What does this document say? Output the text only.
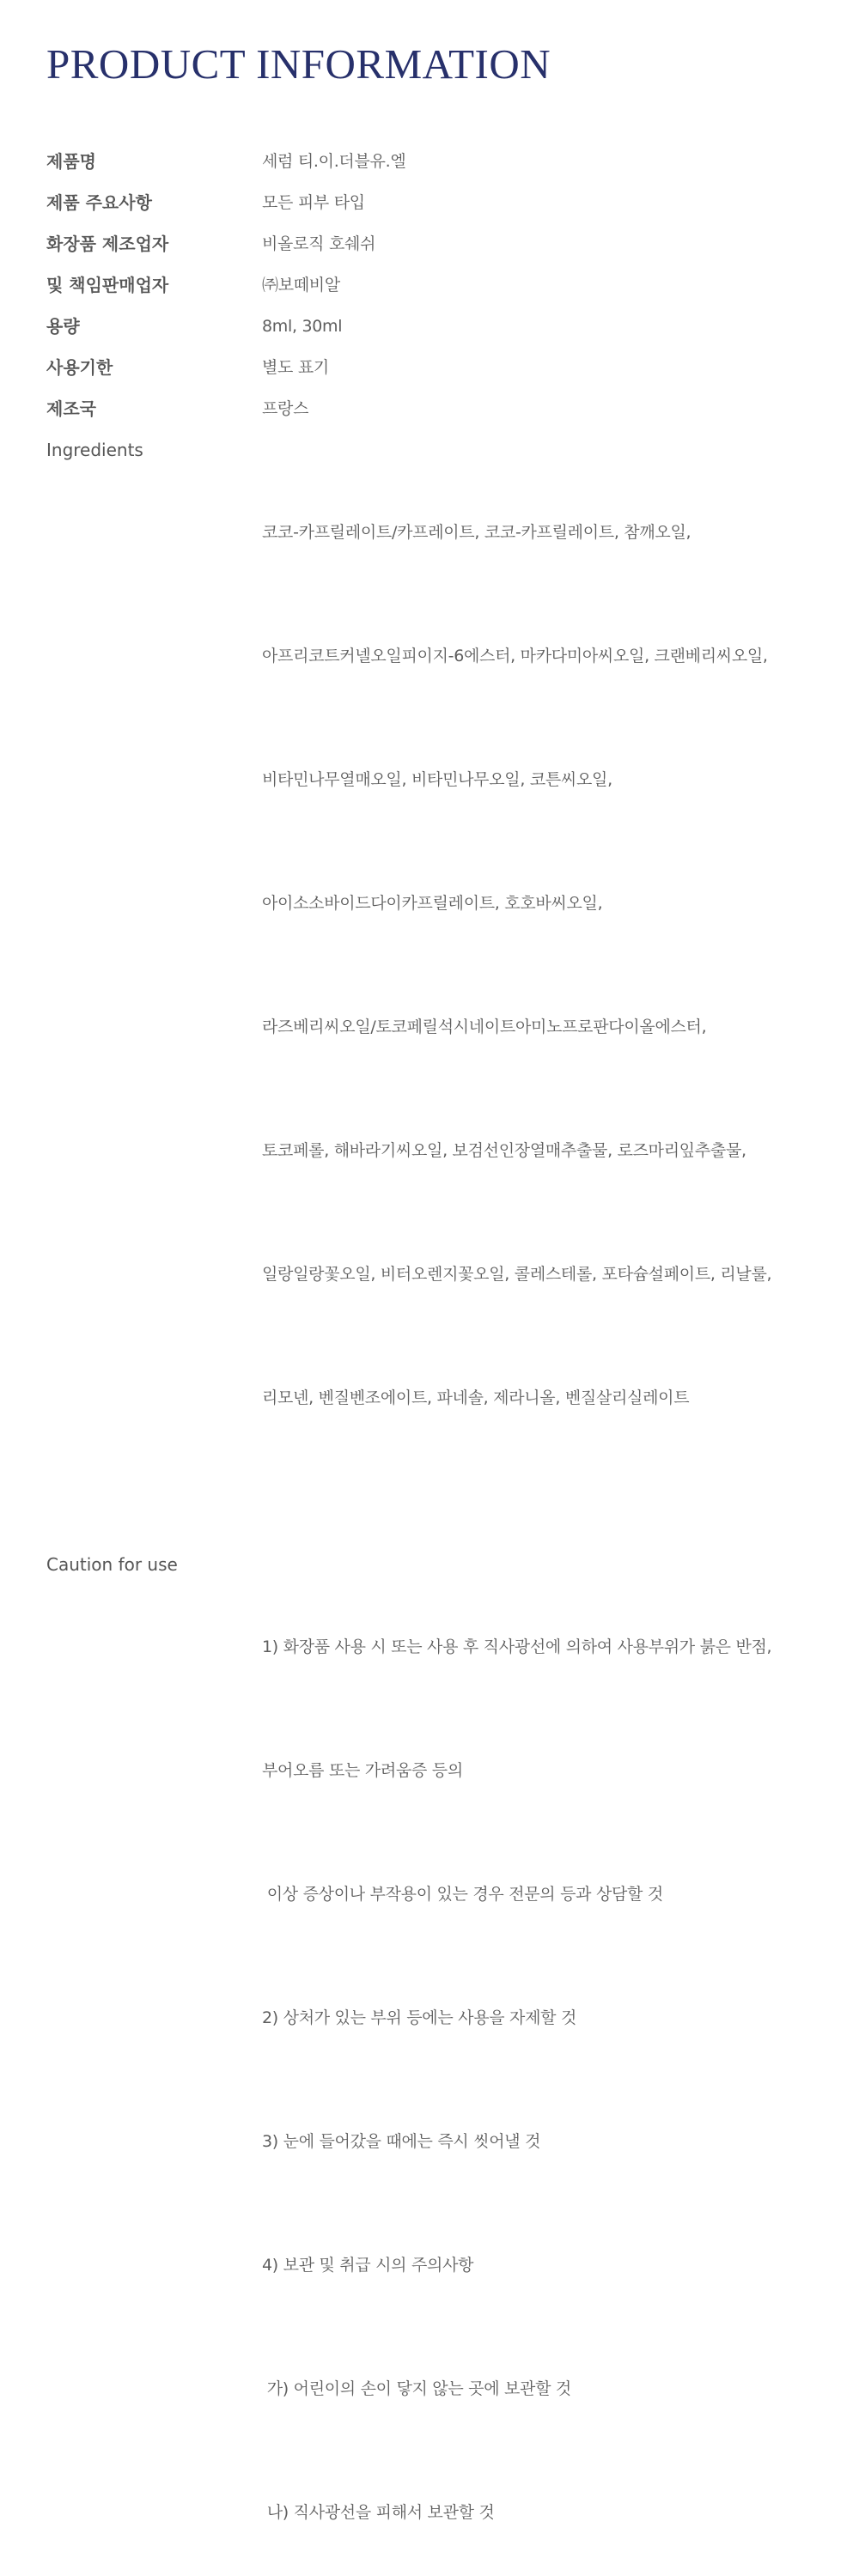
PRODUCT INFORMATION
제품명	세럼 티.이.더블유.엘
제품 주요사항	모든 피부 타입
화장품 제조업자	비올로직 호쉐쉬
및 책임판매업자	㈜보떼비알
용량	8ml, 30ml
사용기한	별도 표기
제조국	프랑스
Ingredients

코코-카프릴레이트/카프레이트, 코코-카프릴레이트, 참깨오일,

아프리코트커넬오일피이지-6에스터, 마카다미아씨오일, 크랜베리씨오일,

비타민나무열매오일, 비타민나무오일, 코튼씨오일,

아이소소바이드다이카프릴레이트, 호호바씨오일,

라즈베리씨오일/토코페릴석시네이트아미노프로판다이올에스터,

토코페롤, 해바라기씨오일, 보검선인장열매추출물, 로즈마리잎추출물,

일랑일랑꽃오일, 비터오렌지꽃오일, 콜레스테롤, 포타슘설페이트, 리날룰,

리모넨, 벤질벤조에이트, 파네솔, 제라니올, 벤질살리실레이트

Caution for use

1) 화장품 사용 시 또는 사용 후 직사광선에 의하여 사용부위가 붉은 반점,

부어오름 또는 가려움증 등의

이상 증상이나 부작용이 있는 경우 전문의 등과 상담할 것

2) 상처가 있는 부위 등에는 사용을 자제할 것

3) 눈에 들어갔을 때에는 즉시 씻어낼 것

4) 보관 및 취급 시의 주의사항

가) 어린이의 손이 닿지 않는 곳에 보관할 것

나) 직사광선을 피해서 보관할 것
